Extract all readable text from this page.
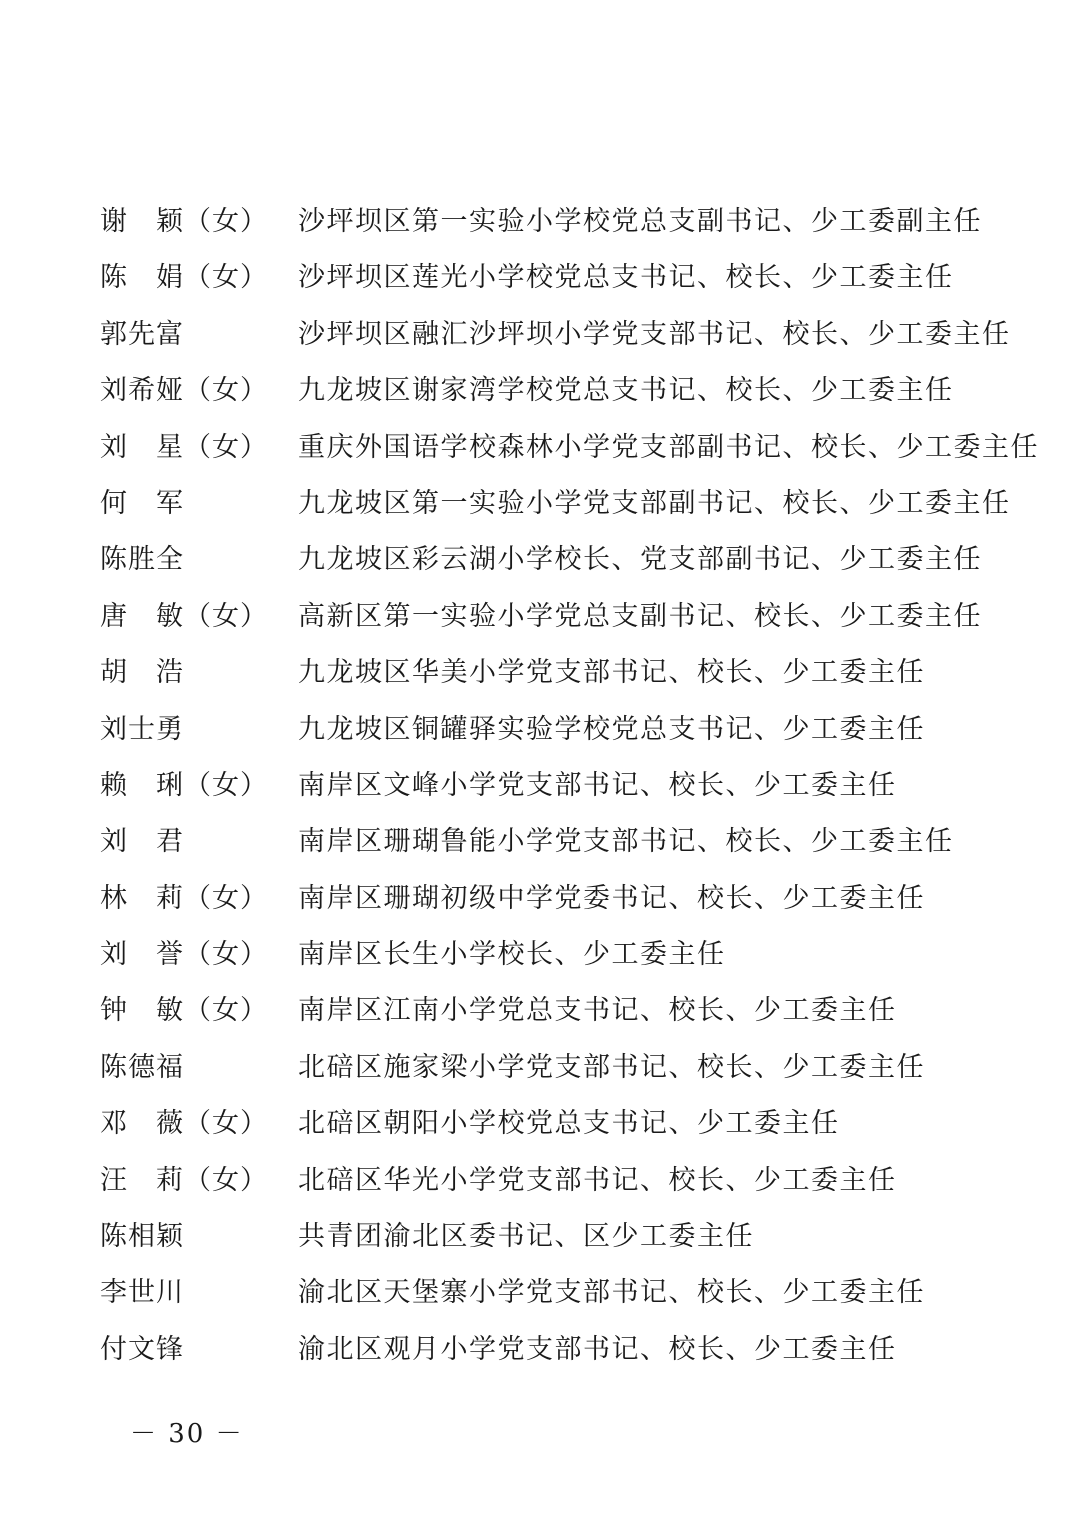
谢　颖（女）	沙坪坝区第一实验小学校党总支副书记、少工委副主任
陈　娟（女）	沙坪坝区莲光小学校党总支书记、校长、少工委主任
郭先富	沙坪坝区融汇沙坪坝小学党支部书记、校长、少工委主任
刘希娅（女）	九龙坡区谢家湾学校党总支书记、校长、少工委主任
刘　星（女）	重庆外国语学校森林小学党支部副书记、校长、少工委主任
何　军	九龙坡区第一实验小学党支部副书记、校长、少工委主任
陈胜全	九龙坡区彩云湖小学校长、党支部副书记、少工委主任
唐　敏（女）	高新区第一实验小学党总支副书记、校长、少工委主任
胡　浩	九龙坡区华美小学党支部书记、校长、少工委主任
刘士勇	九龙坡区铜罐驿实验学校党总支书记、少工委主任
赖　琍（女）	南岸区文峰小学党支部书记、校长、少工委主任
刘　君	南岸区珊瑚鲁能小学党支部书记、校长、少工委主任
林　莉（女）	南岸区珊瑚初级中学党委书记、校长、少工委主任
刘　誉（女）	南岸区长生小学校长、少工委主任
钟　敏（女）	南岸区江南小学党总支书记、校长、少工委主任
陈德福	北碚区施家梁小学党支部书记、校长、少工委主任
邓　薇（女）	北碚区朝阳小学校党总支书记、少工委主任
汪　莉（女）	北碚区华光小学党支部书记、校长、少工委主任
陈相颖	共青团渝北区委书记、区少工委主任
李世川	渝北区天堡寨小学党支部书记、校长、少工委主任
付文锋	渝北区观月小学党支部书记、校长、少工委主任
－ 30 －
